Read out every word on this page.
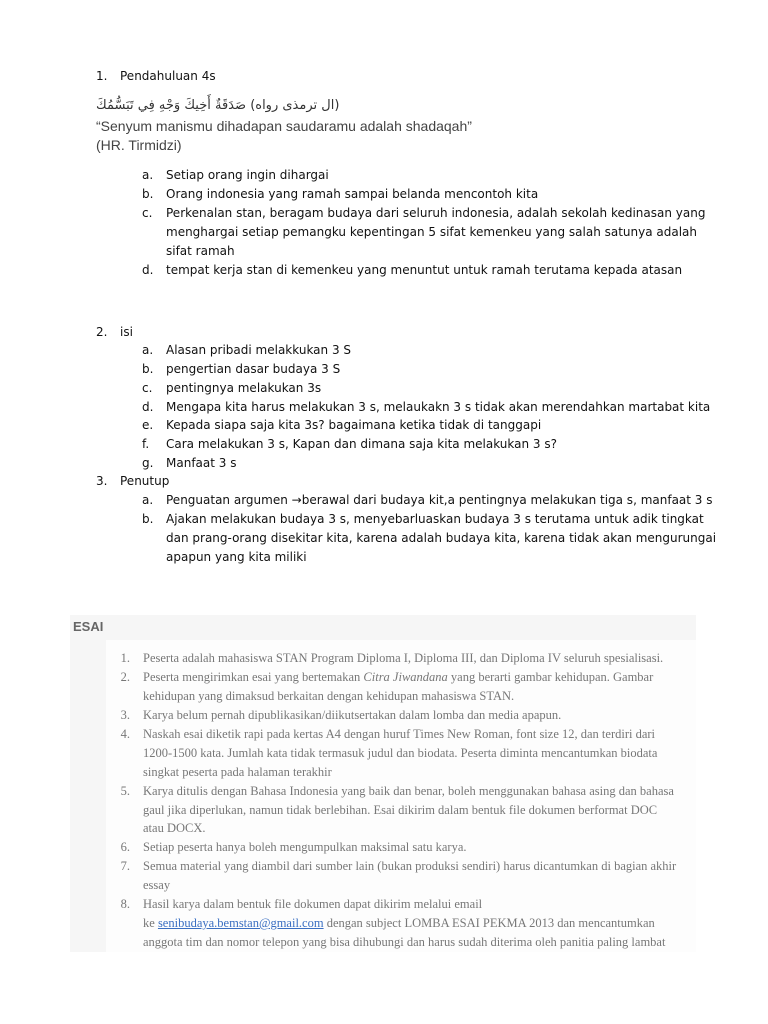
1.	Pendahuluan 4s
(ال ترمذى رواه) صَدَقَةٌ أَخِيكَ وَجْهِ فِي تَبَسُّمُكَ
“Senyum manismu dihadapan saudaramu adalah shadaqah”
(HR. Tirmidzi)
a.	Setiap orang ingin dihargai
b.	Orang indonesia yang ramah sampai belanda mencontoh kita
c.	Perkenalan stan, beragam budaya dari seluruh indonesia, adalah sekolah kedinasan yang
menghargai setiap pemangku kepentingan 5 sifat kemenkeu yang salah satunya adalah
sifat ramah
d.	tempat kerja stan di kemenkeu yang menuntut untuk ramah terutama kepada atasan
2.	isi
a.	Alasan pribadi melakkukan 3 S
b.	pengertian dasar budaya 3 S
c.	pentingnya melakukan 3s
d.	Mengapa kita harus melakukan 3 s, melaukakn 3 s tidak akan merendahkan martabat kita
e.	Kepada siapa saja kita 3s? bagaimana ketika tidak di tanggapi
f.	Cara melakukan 3 s, Kapan dan dimana saja kita melakukan 3 s?
g.	Manfaat 3 s
3.	Penutup
a.	Penguatan argumen →berawal dari budaya kit,a pentingnya melakukan tiga s, manfaat 3 s
b.	Ajakan melakukan budaya 3 s, menyebarluaskan budaya 3 s terutama untuk adik tingkat
dan prang-orang disekitar kita, karena adalah budaya kita, karena tidak akan mengurungai
apapun yang kita miliki
ESAI
1. Peserta adalah mahasiswa STAN Program Diploma I, Diploma III, dan Diploma IV seluruh spesialisasi.
2. Peserta mengirimkan esai yang bertemakan Citra Jiwandana yang berarti gambar kehidupan. Gambar
kehidupan yang dimaksud berkaitan dengan kehidupan mahasiswa STAN.
3. Karya belum pernah dipublikasikan/diikutsertakan dalam lomba dan media apapun.
4. Naskah esai diketik rapi pada kertas A4 dengan huruf Times New Roman, font size 12, dan terdiri dari
1200-1500 kata. Jumlah kata tidak termasuk judul dan biodata. Peserta diminta mencantumkan biodata
singkat peserta pada halaman terakhir
5. Karya ditulis dengan Bahasa Indonesia yang baik dan benar, boleh menggunakan bahasa asing dan bahasa
gaul jika diperlukan, namun tidak berlebihan. Esai dikirim dalam bentuk file dokumen berformat DOC
atau DOCX.
6. Setiap peserta hanya boleh mengumpulkan maksimal satu karya.
7. Semua material yang diambil dari sumber lain (bukan produksi sendiri) harus dicantumkan di bagian akhir
essay
8. Hasil karya dalam bentuk file dokumen dapat dikirim melalui email
ke senibudaya.bemstan@gmail.com dengan subject LOMBA ESAI PEKMA 2013 dan mencantumkan
anggota tim dan nomor telepon yang bisa dihubungi dan harus sudah diterima oleh panitia paling lambat
